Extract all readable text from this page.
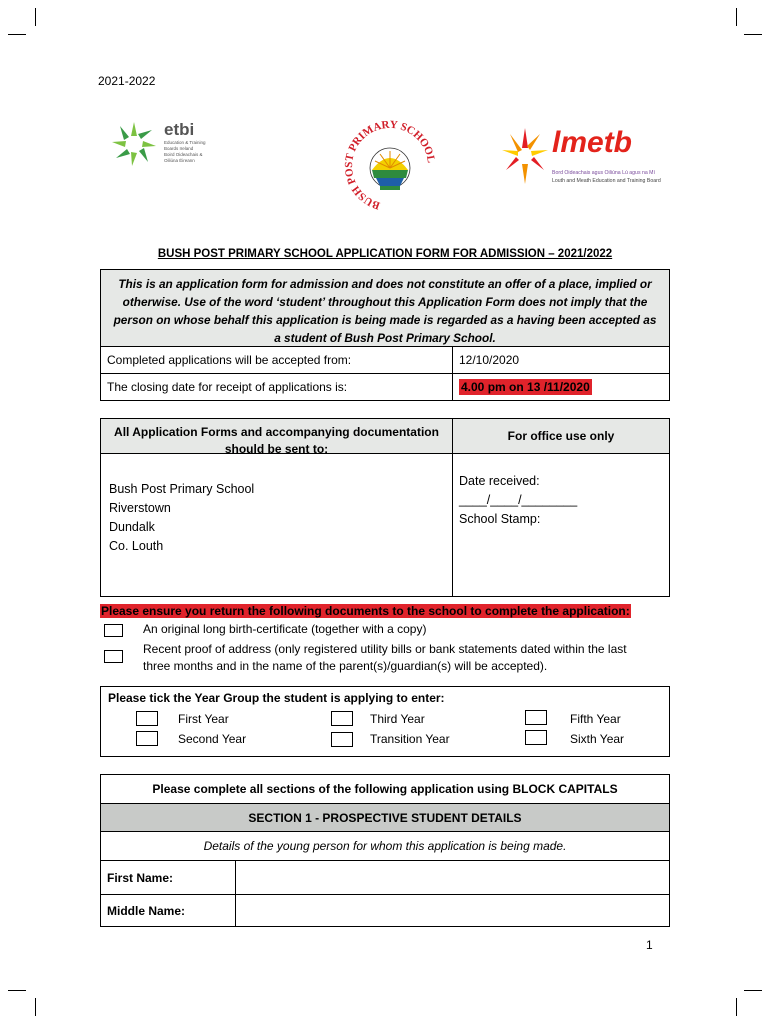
2021-2022
etbi
Education & Training
Boards Ireland
Boird Oideachais &
Oiliúna Éireann
BUSH POST PRIMARY SCHOOL
lmetb
Bord Oideachais agus Oiliúna Lú agus na Mí
Louth and Meath Education and Training Board
BUSH POST PRIMARY SCHOOL APPLICATION FORM FOR ADMISSION – 2021/2022
This is an application form for admission and does not constitute an offer of a place, implied or otherwise. Use of the word ‘student’ throughout this Application Form does not imply that the person on whose behalf this application is being made is regarded as a having been accepted as a student of Bush Post Primary School.
Completed applications will be accepted from:	12/10/2020
The closing date for receipt of applications is:	4.00 pm on 13 /11/2020
All Application Forms and accompanying documentation should be sent to:
For office use only
Bush Post Primary School
Riverstown
Dundalk
Co. Louth
Date received:
____/____/________
School Stamp:
Please ensure you return the following documents to the school to complete the application:
An original long birth-certificate (together with a copy)
Recent proof of address (only registered utility bills or bank statements dated within the last
three months and in the name of the parent(s)/guardian(s) will be accepted).
Please tick the Year Group the student is applying to enter:
First Year
Second Year
Third Year
Transition Year
Fifth Year
Sixth Year
Please complete all sections of the following application using BLOCK CAPITALS
SECTION 1 - PROSPECTIVE STUDENT DETAILS
Details of the young person for whom this application is being made.
First Name:
Middle Name:
1
